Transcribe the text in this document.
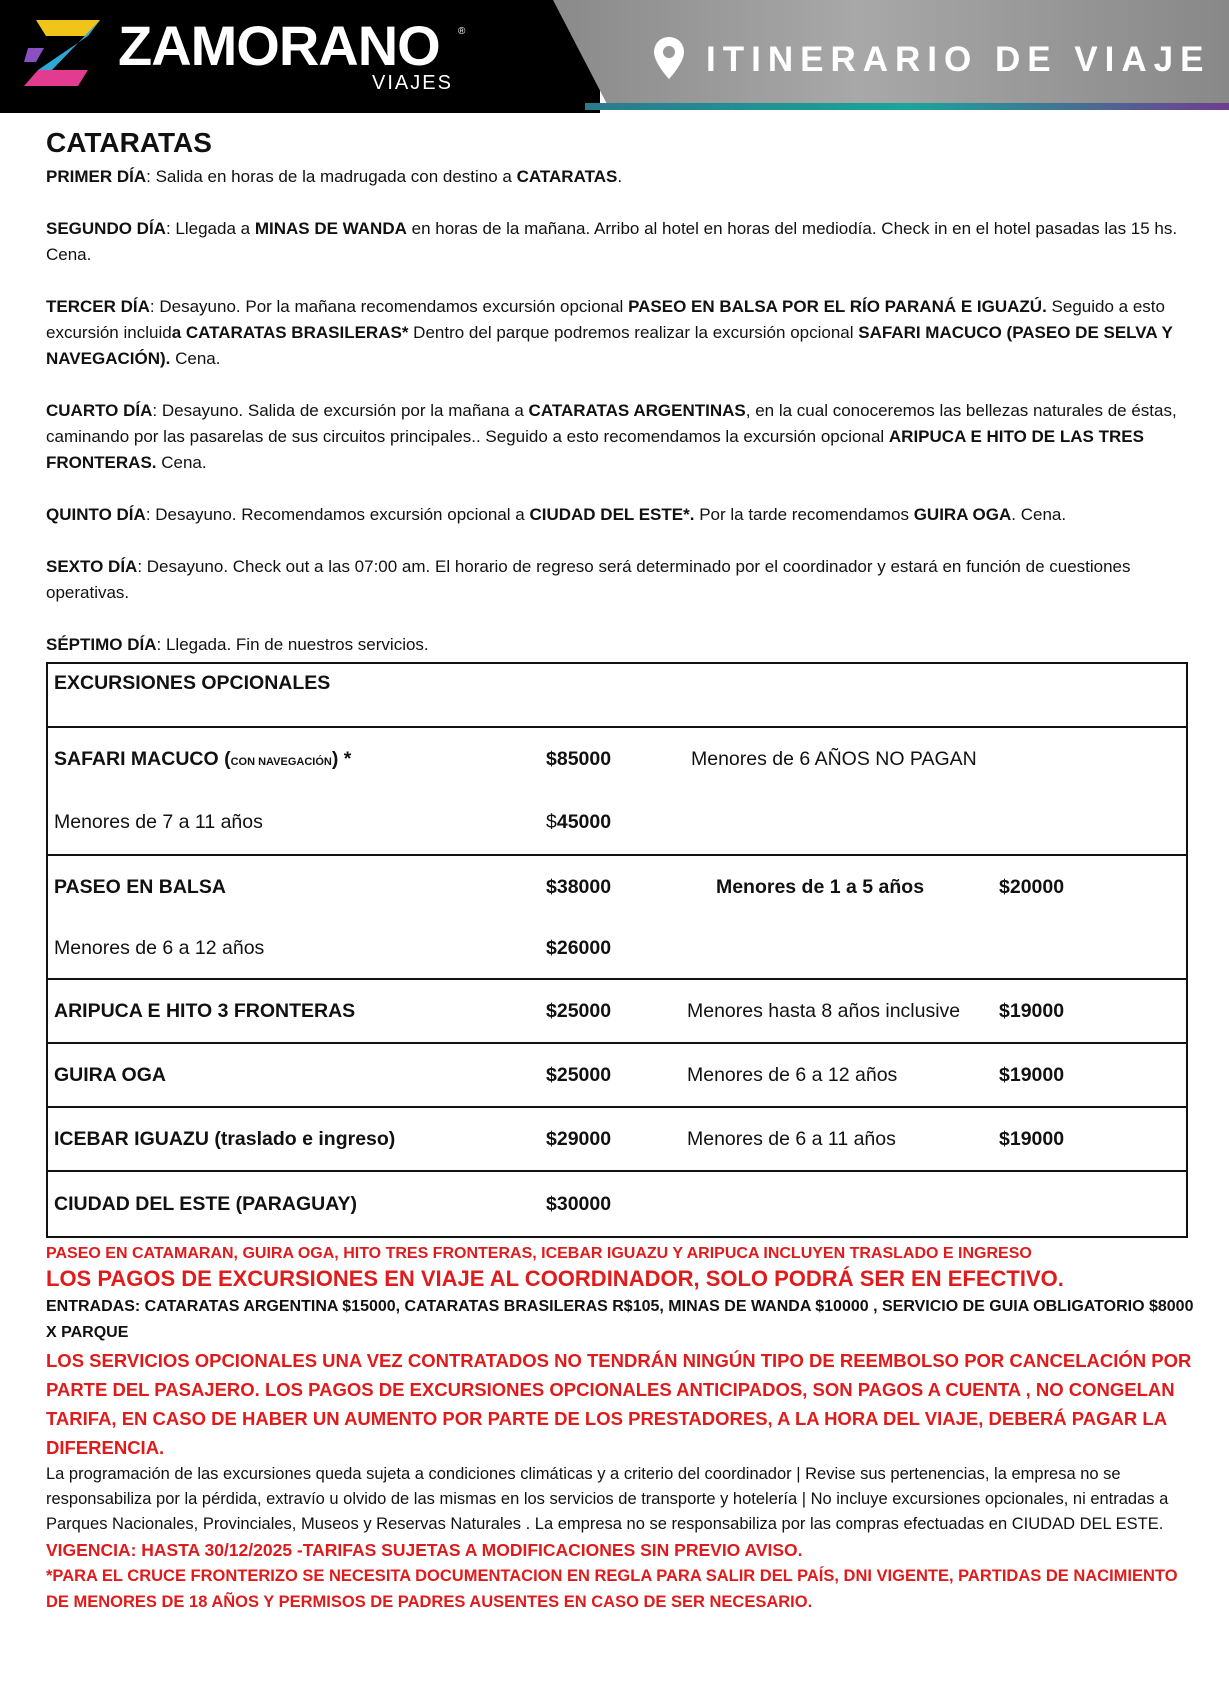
ZAMORANO ®
VIAJES
ITINERARIO DE VIAJE
CATARATAS

PRIMER DÍA: Salida en horas de la madrugada con destino a CATARATAS.

SEGUNDO DÍA: Llegada a MINAS DE WANDA en horas de la mañana. Arribo al hotel en horas del mediodía. Check in en el hotel pasadas las 15 hs. Cena.

TERCER DÍA: Desayuno. Por la mañana recomendamos excursión opcional PASEO EN BALSA POR EL RÍO PARANÁ E IGUAZÚ. Seguido a esto excursión incluida CATARATAS BRASILERAS* Dentro del parque podremos realizar la excursión opcional SAFARI MACUCO (PASEO DE SELVA Y NAVEGACIÓN). Cena.

CUARTO DÍA: Desayuno. Salida de excursión por la mañana a CATARATAS ARGENTINAS, en la cual conoceremos las bellezas naturales de éstas, caminando por las pasarelas de sus circuitos principales.. Seguido a esto recomendamos la excursión opcional ARIPUCA E HITO DE LAS TRES FRONTERAS. Cena.

QUINTO DÍA: Desayuno. Recomendamos excursión opcional a CIUDAD DEL ESTE*. Por la tarde recomendamos GUIRA OGA. Cena.

SEXTO DÍA: Desayuno. Check out a las 07:00 am. El horario de regreso será determinado por el coordinador y estará en función de cuestiones operativas.

SÉPTIMO DÍA: Llegada. Fin de nuestros servicios.

EXCURSIONES OPCIONALES			
SAFARI MACUCO (CON NAVEGACIÓN) *	$85000	Menores de 6 AÑOS NO PAGAN	
Menores de 7 a 11 años	$45000		
PASEO EN BALSA	$38000	Menores de 1 a 5 años	$20000
Menores de 6 a 12 años	$26000		
ARIPUCA E HITO 3 FRONTERAS	$25000	Menores hasta 8 años inclusive	$19000
GUIRA OGA	$25000	Menores de 6 a 12 años	$19000
ICEBAR IGUAZU (traslado e ingreso)	$29000	Menores de 6 a 11 años	$19000
CIUDAD DEL ESTE (PARAGUAY)	$30000		
PASEO EN CATAMARAN, GUIRA OGA, HITO TRES FRONTERAS, ICEBAR IGUAZU Y ARIPUCA INCLUYEN TRASLADO E INGRESO
LOS PAGOS DE EXCURSIONES EN VIAJE AL COORDINADOR, SOLO PODRÁ SER EN EFECTIVO.
ENTRADAS: CATARATAS ARGENTINA $15000, CATARATAS BRASILERAS R$105, MINAS DE WANDA $10000 , SERVICIO DE GUIA OBLIGATORIO $8000 X PARQUE
LOS SERVICIOS OPCIONALES UNA VEZ CONTRATADOS NO TENDRÁN NINGÚN TIPO DE REEMBOLSO POR CANCELACIÓN POR PARTE DEL PASAJERO. LOS PAGOS DE EXCURSIONES OPCIONALES ANTICIPADOS, SON PAGOS A CUENTA , NO CONGELAN TARIFA, EN CASO DE HABER UN AUMENTO POR PARTE DE LOS PRESTADORES, A LA HORA DEL VIAJE, DEBERÁ PAGAR LA DIFERENCIA.
La programación de las excursiones queda sujeta a condiciones climáticas y a criterio del coordinador | Revise sus pertenencias, la empresa no se responsabiliza por la pérdida, extravío u olvido de las mismas en los servicios de transporte y hotelería | No incluye excursiones opcionales, ni entradas a Parques Nacionales, Provinciales, Museos y Reservas Naturales . La empresa no se responsabiliza por las compras efectuadas en CIUDAD DEL ESTE.
VIGENCIA: HASTA 30/12/2025 -TARIFAS SUJETAS A MODIFICACIONES SIN PREVIO AVISO.
*PARA EL CRUCE FRONTERIZO SE NECESITA DOCUMENTACION EN REGLA PARA SALIR DEL PAÍS, DNI VIGENTE, PARTIDAS DE NACIMIENTO DE MENORES DE 18 AÑOS Y PERMISOS DE PADRES AUSENTES EN CASO DE SER NECESARIO.
